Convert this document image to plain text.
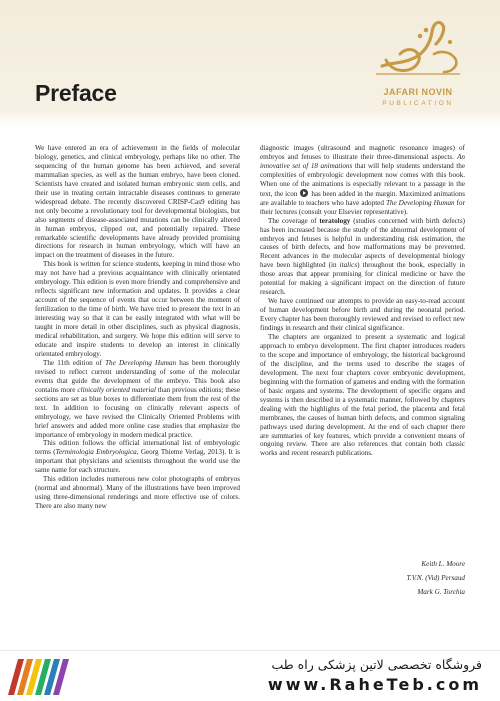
Preface	JAFARI NOVIN
PUBLICATION

We have entered an era of achievement in the fields of molecular biology, genetics, and clinical embryology, perhaps like no other. The sequencing of the human genome has been achieved, and several mammalian species, as well as the human embryo, have been cloned. Scientists have created and isolated human embryonic stem cells, and their use in treating certain intractable diseases continues to generate widespread debate. The recently discovered CRISP-Cas9 editing has not only become a revolutionary tool for developmental biologists, but also segments of disease-associated mutations can be clinically altered in human embryos, clipped out, and potentially repaired. These remarkable scientific developments have already provided promising directions for research in human embryology, which will have an impact on the treatment of diseases in the future.

This book is written for science students, keeping in mind those who may not have had a previous acquaintance with clinically orientated embryology. This edition is even more friendly and comprehensive and reflects significant new information and updates. It provides a clear account of the sequence of events that occur between the moment of fertilization to the time of birth. We have tried to present the text in an interesting way so that it can be easily integrated with what will be taught in more detail in other disciplines, such as physical diagnosis, medical rehabilitation, and surgery. We hope this edition will serve to educate and inspire students to develop an interest in clinically orientated embryology.

The 11th edition of The Developing Human has been thoroughly revised to reflect current understanding of some of the molecular events that guide the development of the embryo. This book also contains more clinically oriented material than previous editions; these sections are set as blue boxes to differentiate them from the rest of the text. In addition to focusing on clinically relevant aspects of embryology, we have revised the Clinically Oriented Problems with brief answers and added more online case studies that emphasize the importance of embryology in modern medical practice.

This edition follows the official international list of embryologic terms (Terminologia Embryologica, Georg Thieme Verlag, 2013). It is important that physicians and scientists throughout the world use the same name for each structure.

This edition includes numerous new color photographs of embryos (normal and abnormal). Many of the illustrations have been improved using three-dimensional renderings and more effective use of colors. There are also many new

diagnostic images (ultrasound and magnetic resonance images) of embryos and fetuses to illustrate their three-dimensional aspects. An innovative set of 18 animations that will help students understand the complexities of embryologic development now comes with this book. When one of the animations is especially relevant to a passage in the text, the icon has been added in the margin. Maximized animations are available to teachers who have adopted The Developing Human for their lectures (consult your Elsevier representative).

The coverage of teratology (studies concerned with birth defects) has been increased because the study of the abnormal development of embryos and fetuses is helpful in understanding risk estimation, the causes of birth defects, and how malformations may be prevented. Recent advances in the molecular aspects of developmental biology have been highlighted (in italics) throughout the book, especially in those areas that appear promising for clinical medicine or have the potential for making a significant impact on the direction of future research.

We have continued our attempts to provide an easy-to-read account of human development before birth and during the neonatal period. Every chapter has been thoroughly reviewed and revised to reflect new findings in research and their clinical significance.

The chapters are organized to present a systematic and logical approach to embryo development. The first chapter introduces readers to the scope and importance of embryology, the historical background of the discipline, and the terms used to describe the stages of development. The next four chapters cover embryonic development, beginning with the formation of gametes and ending with the formation of basic organs and systems. The development of specific organs and systems is then described in a systematic manner, followed by chapters dealing with the highlights of the fetal period, the placenta and fetal membranes, the causes of human birth defects, and common signaling pathways used during development. At the end of each chapter there are summaries of key features, which provide a convenient means of ongoing review. There are also references that contain both classic works and recent research publications.

Keith L. Moore
T.V.N. (Vid) Persaud
Mark G. Torchia
فروشگاه تخصصی لاتین پزشکی راه طب
www.RaheTeb.com
